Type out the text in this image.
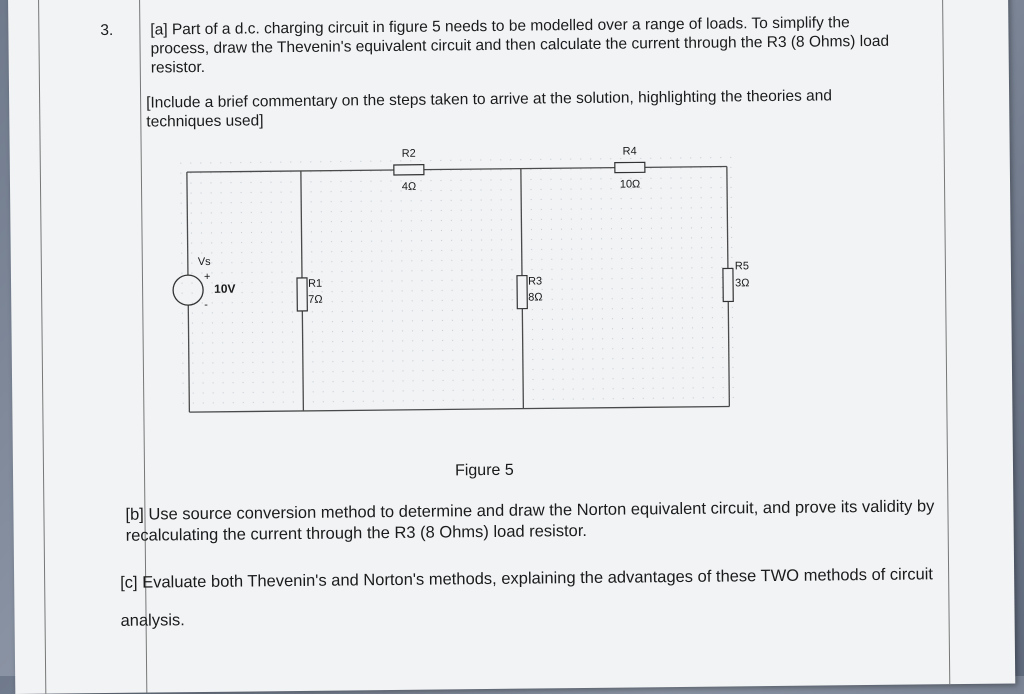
3. [a] Part of a d.c. charging circuit in figure 5 needs to be modelled over a range of loads. To simplify the process, draw the Thevenin's equivalent circuit and then calculate the current through the R3 (8 Ohms) load resistor.
[Include a brief commentary on the steps taken to arrive at the solution, highlighting the theories and techniques used]
Vs
+
-
10V	R1
7Ω
R2
4Ω
R3
8Ω
R4
10Ω
R5
3Ω
Figure 5
[b] Use source conversion method to determine and draw the Norton equivalent circuit, and prove its validity by recalculating the current through the R3 (8 Ohms) load resistor.
[c] Evaluate both Thevenin's and Norton's methods, explaining the advantages of these TWO methods of circuit analysis.
